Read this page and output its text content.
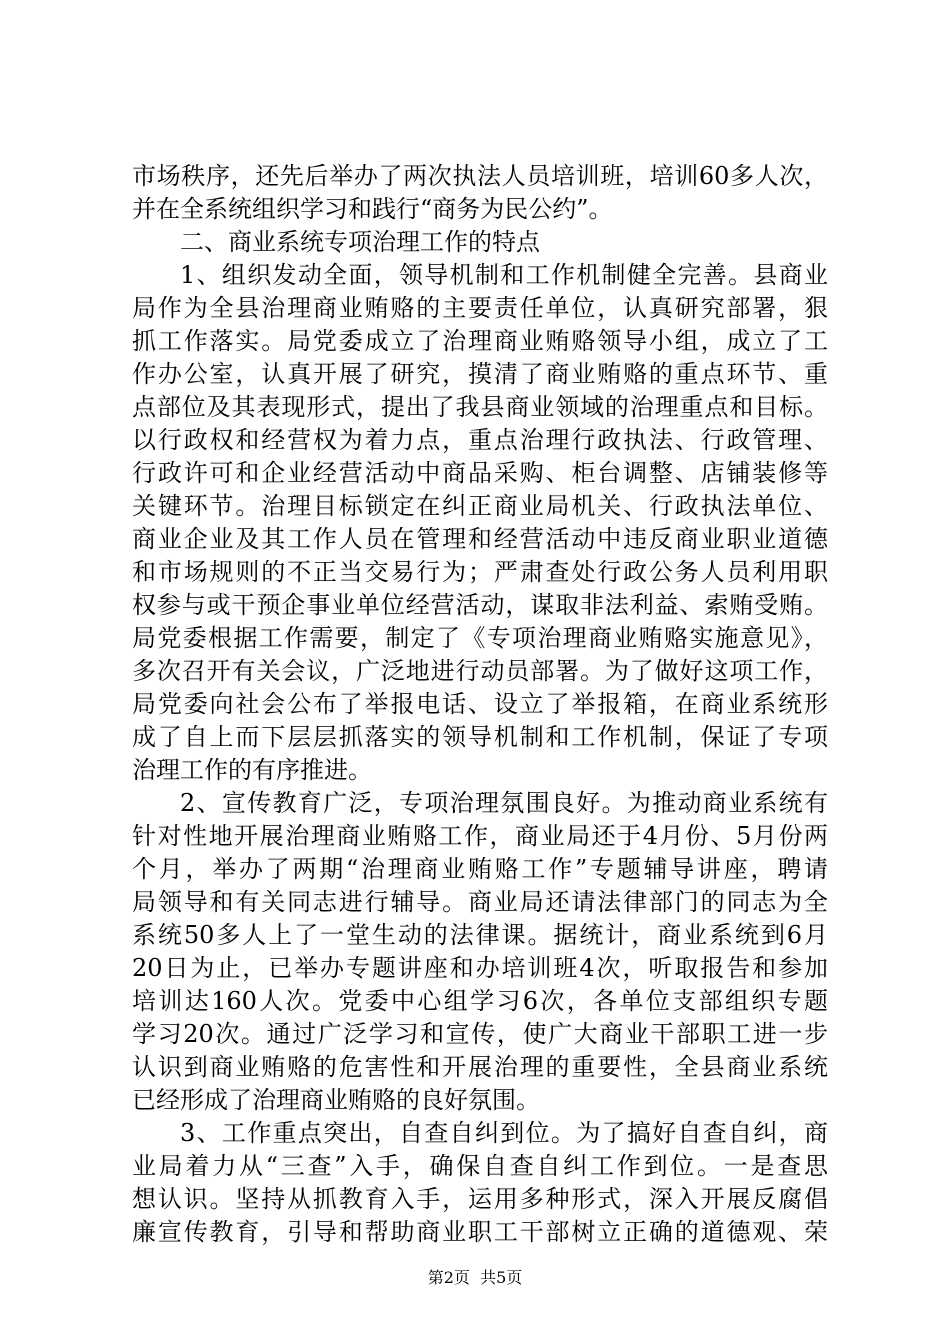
市场秩序，还先后举办了两次执法人员培训班，培训60多人次，
并在全系统组织学习和践行“商务为民公约”。
二、商业系统专项治理工作的特点
1、组织发动全面，领导机制和工作机制健全完善。县商业
局作为全县治理商业贿赂的主要责任单位，认真研究部署，狠
抓工作落实。局党委成立了治理商业贿赂领导小组，成立了工
作办公室，认真开展了研究，摸清了商业贿赂的重点环节、重
点部位及其表现形式，提出了我县商业领域的治理重点和目标。
以行政权和经营权为着力点，重点治理行政执法、行政管理、
行政许可和企业经营活动中商品采购、柜台调整、店铺装修等
关键环节。治理目标锁定在纠正商业局机关、行政执法单位、
商业企业及其工作人员在管理和经营活动中违反商业职业道德
和市场规则的不正当交易行为；严肃查处行政公务人员利用职
权参与或干预企事业单位经营活动，谋取非法利益、索贿受贿。
局党委根据工作需要，制定了《专项治理商业贿赂实施意见》，
多次召开有关会议，广泛地进行动员部署。为了做好这项工作，
局党委向社会公布了举报电话、设立了举报箱，在商业系统形
成了自上而下层层抓落实的领导机制和工作机制，保证了专项
治理工作的有序推进。
2、宣传教育广泛，专项治理氛围良好。为推动商业系统有
针对性地开展治理商业贿赂工作，商业局还于4月份、5月份两
个月，举办了两期“治理商业贿赂工作”专题辅导讲座，聘请
局领导和有关同志进行辅导。商业局还请法律部门的同志为全
系统50多人上了一堂生动的法律课。据统计，商业系统到6月
20日为止，已举办专题讲座和办培训班4次，听取报告和参加
培训达160人次。党委中心组学习6次，各单位支部组织专题
学习20次。通过广泛学习和宣传，使广大商业干部职工进一步
认识到商业贿赂的危害性和开展治理的重要性，全县商业系统
已经形成了治理商业贿赂的良好氛围。
3、工作重点突出，自查自纠到位。为了搞好自查自纠，商
业局着力从“三查”入手，确保自查自纠工作到位。一是查思
想认识。坚持从抓教育入手，运用多种形式，深入开展反腐倡
廉宣传教育，引导和帮助商业职工干部树立正确的道德观、荣
第2页  共5页
